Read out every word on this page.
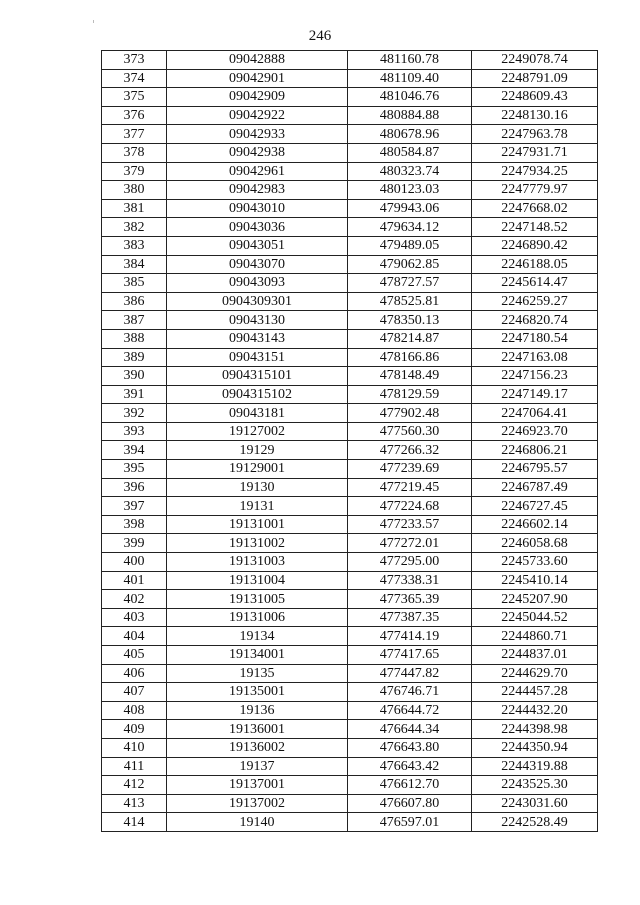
246
373	09042888	481160.78	2249078.74
374	09042901	481109.40	2248791.09
375	09042909	481046.76	2248609.43
376	09042922	480884.88	2248130.16
377	09042933	480678.96	2247963.78
378	09042938	480584.87	2247931.71
379	09042961	480323.74	2247934.25
380	09042983	480123.03	2247779.97
381	09043010	479943.06	2247668.02
382	09043036	479634.12	2247148.52
383	09043051	479489.05	2246890.42
384	09043070	479062.85	2246188.05
385	09043093	478727.57	2245614.47
386	0904309301	478525.81	2246259.27
387	09043130	478350.13	2246820.74
388	09043143	478214.87	2247180.54
389	09043151	478166.86	2247163.08
390	0904315101	478148.49	2247156.23
391	0904315102	478129.59	2247149.17
392	09043181	477902.48	2247064.41
393	19127002	477560.30	2246923.70
394	19129	477266.32	2246806.21
395	19129001	477239.69	2246795.57
396	19130	477219.45	2246787.49
397	19131	477224.68	2246727.45
398	19131001	477233.57	2246602.14
399	19131002	477272.01	2246058.68
400	19131003	477295.00	2245733.60
401	19131004	477338.31	2245410.14
402	19131005	477365.39	2245207.90
403	19131006	477387.35	2245044.52
404	19134	477414.19	2244860.71
405	19134001	477417.65	2244837.01
406	19135	477447.82	2244629.70
407	19135001	476746.71	2244457.28
408	19136	476644.72	2244432.20
409	19136001	476644.34	2244398.98
410	19136002	476643.80	2244350.94
411	19137	476643.42	2244319.88
412	19137001	476612.70	2243525.30
413	19137002	476607.80	2243031.60
414	19140	476597.01	2242528.49
